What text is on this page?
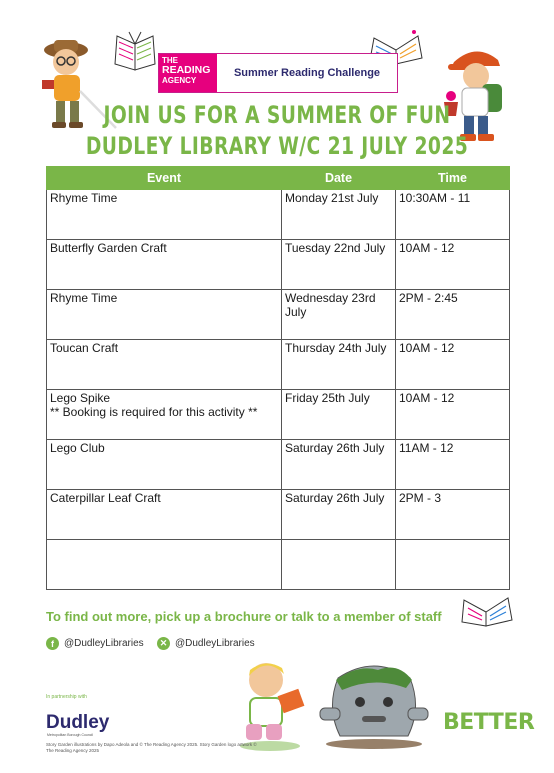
THE
READING
AGENCY
Summer Reading Challenge
JOIN US FOR A SUMMER OF FUN
DUDLEY LIBRARY W/C 21 JULY 2025
Event	Date	Time
Rhyme Time	Monday 21st July	10:30AM - 11
Butterfly Garden Craft	Tuesday 22nd July	10AM - 12
Rhyme Time	Wednesday 23rd July	2PM - 2:45
Toucan Craft	Thursday 24th July	10AM - 12

Lego Spike
** Booking is required for this activity **	Friday 25th July	10AM - 12
Lego Club	Saturday 26th July	11AM - 12
Caterpillar Leaf Craft	Saturday 26th July	2PM - 3

To find out more, pick up a brochure or talk to a member of staff
f	@DudleyLibraries	✕ @DudleyLibraries
In partnership with
Dudley
Metropolitan Borough Council
Story Garden illustrations by Dapo Adeola and © The Reading Agency 2025. Story Garden logo artwork © The Reading Agency 2025
BETTER
